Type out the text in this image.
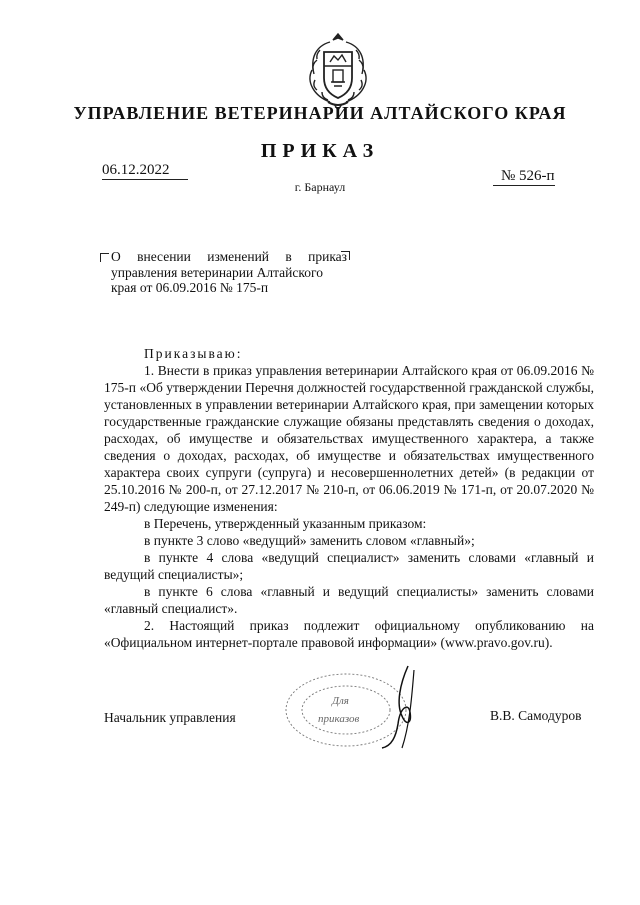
УПРАВЛЕНИЕ ВЕТЕРИНАРИИ АЛТАЙСКОГО КРАЯ
ПРИКАЗ
06.12.2022	№ 526-п
г. Барнаул
О внесении изменений в приказ
управления ветеринарии Алтайского
края от 06.09.2016 № 175-п

Приказываю:

1. Внести в приказ управления ветеринарии Алтайского края от 06.09.2016 № 175-п «Об утверждении Перечня должностей государственной гражданской службы, установленных в управлении ветеринарии Алтайского края, при замещении которых государственные гражданские служащие обязаны представлять сведения о доходах, расходах, об имуществе и обязательствах имущественного характера, а также сведения о доходах, расходах, об имуществе и обязательствах имущественного характера своих супруги (супруга) и несовершеннолетних детей» (в редакции от 25.10.2016 № 200-п, от 27.12.2017 № 210-п, от 06.06.2019 № 171-п, от 20.07.2020 № 249-п) следующие изменения:

в Перечень, утвержденный указанным приказом:

в пункте 3 слово «ведущий» заменить словом «главный»;

в пункте 4 слова «ведущий специалист» заменить словами «главный и ведущий специалисты»;

в пункте 6 слова «главный и ведущий специалисты» заменить словами «главный специалист».

2. Настоящий приказ подлежит официальному опубликованию на «Официальном интернет-портале правовой информации» (www.pravo.gov.ru).

Для
приказов
Начальник управления	В.В. Самодуров
